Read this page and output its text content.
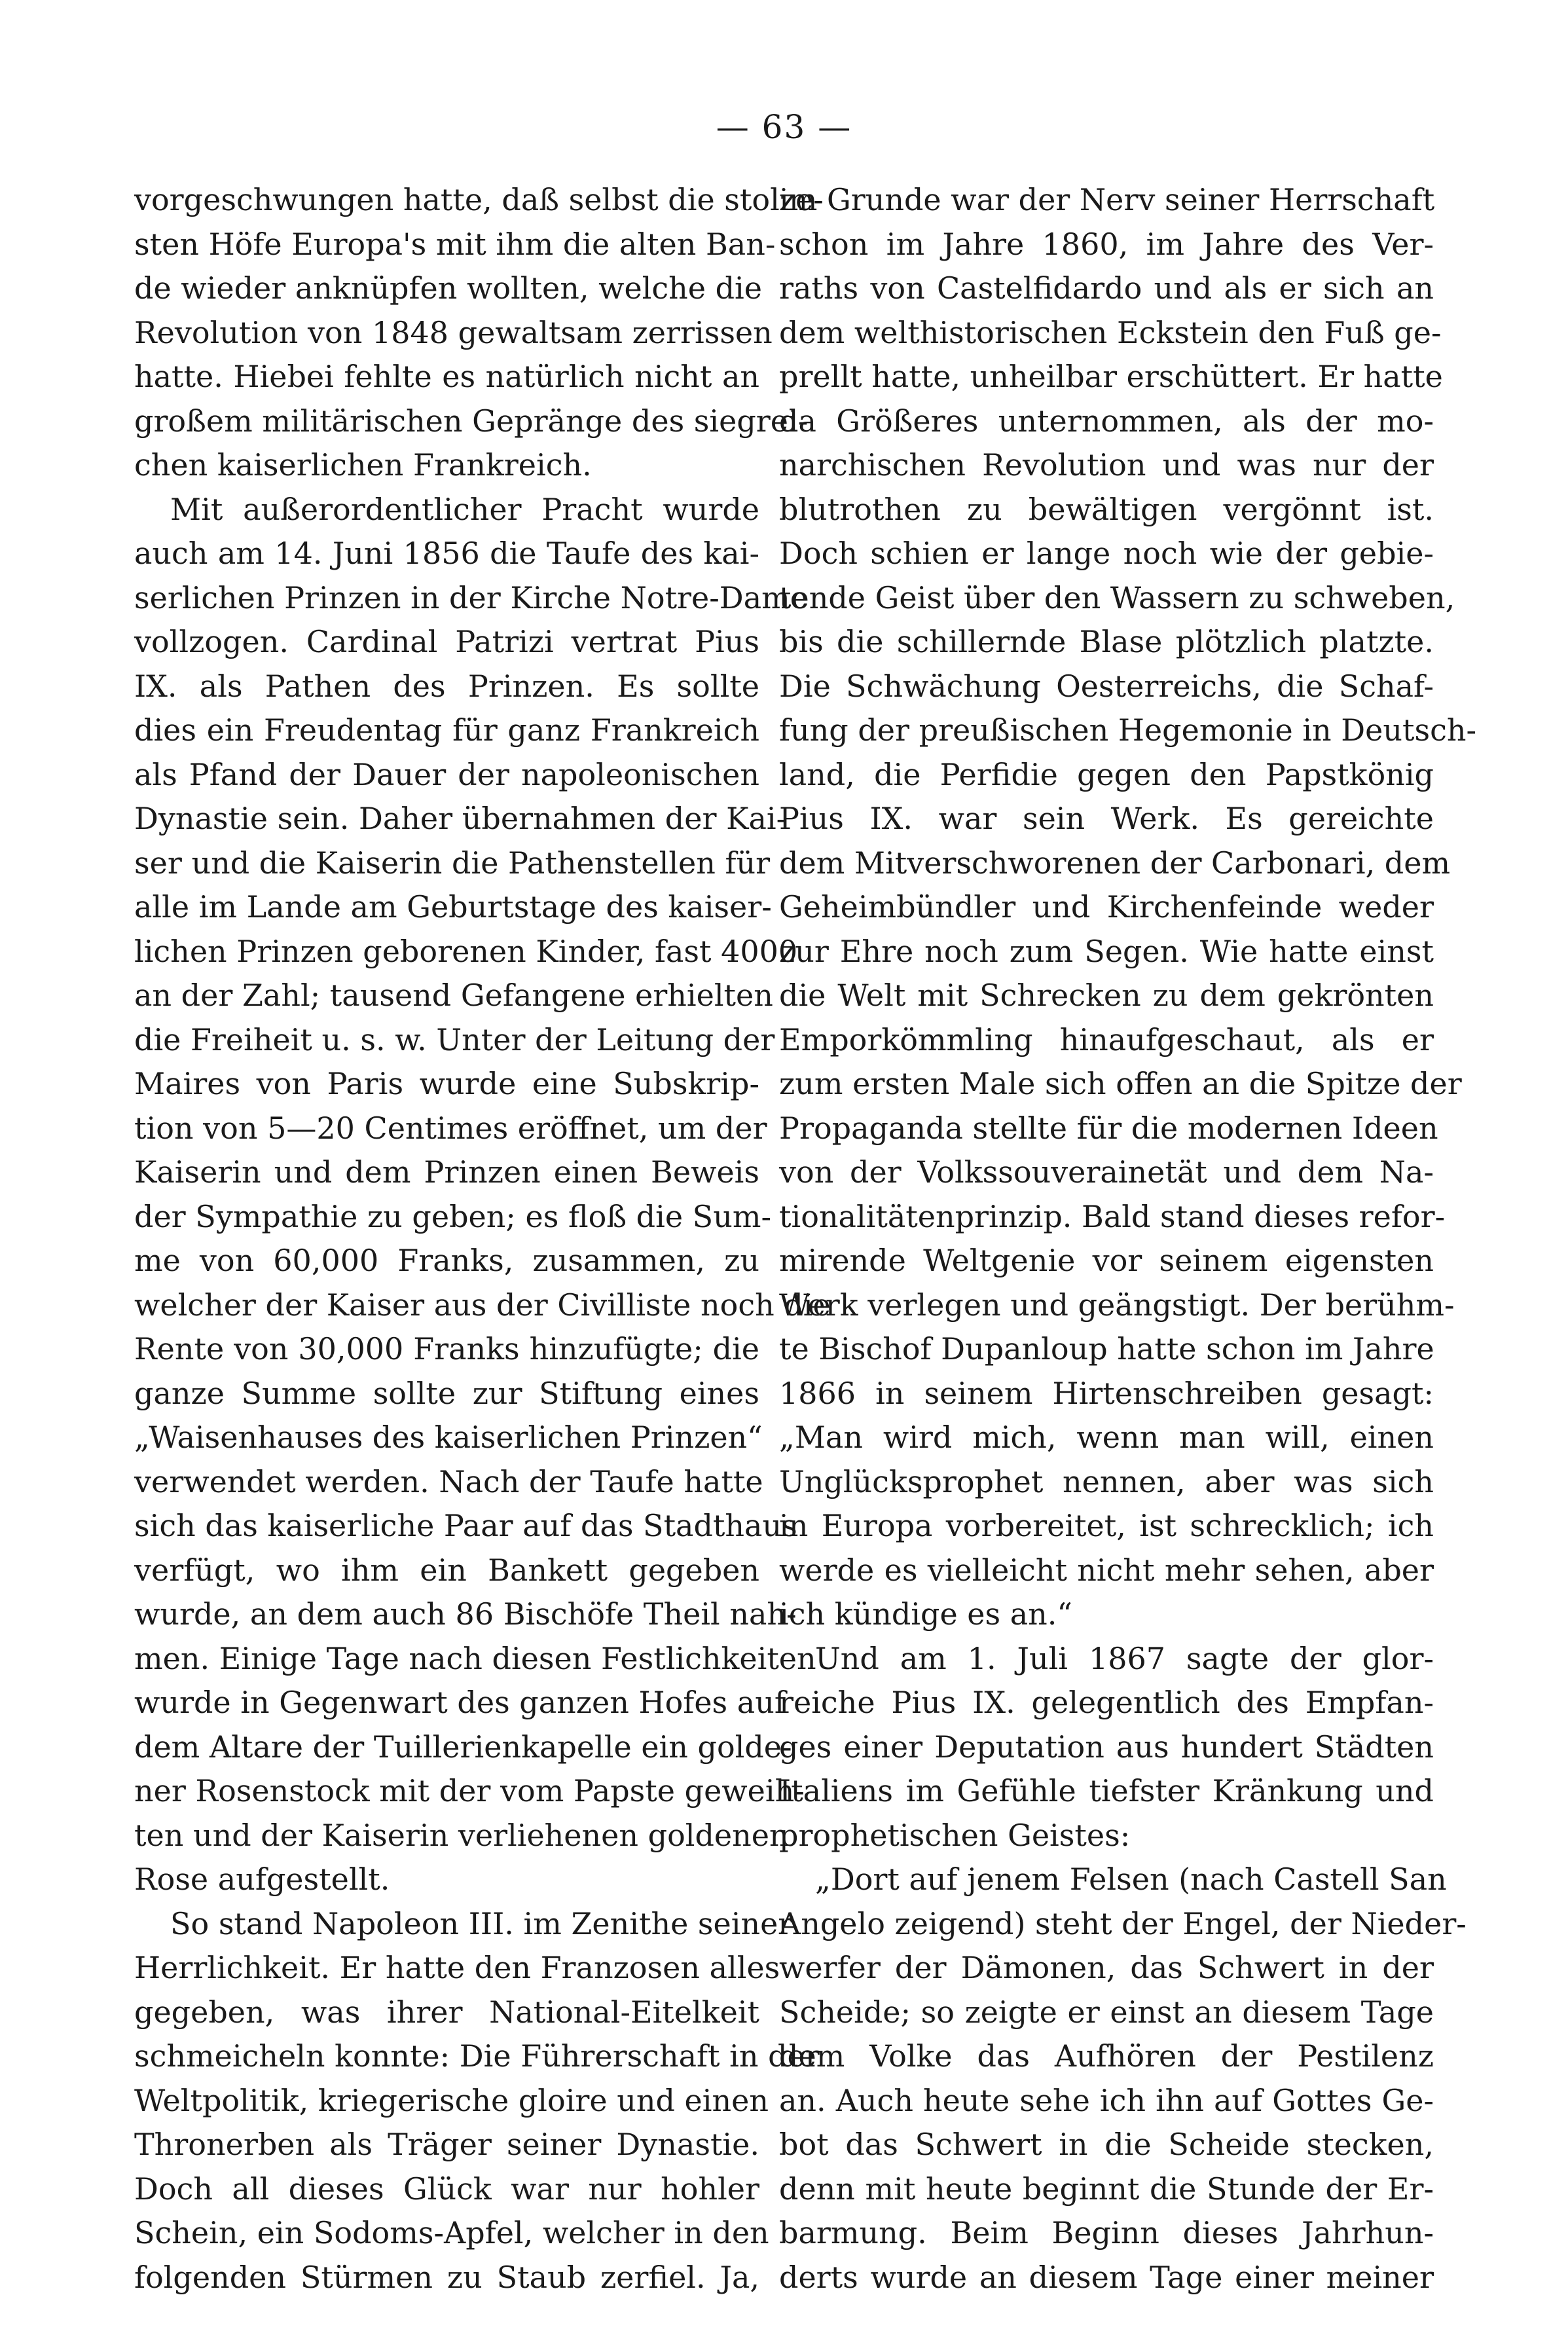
— 63 —

vorgeschwungen hatte, daß selbst die stolze-
sten Höfe Europa's mit ihm die alten Ban-
de wieder anknüpfen wollten, welche die
Revolution von 1848 gewaltsam zerrissen
hatte. Hiebei fehlte es natürlich nicht an
großem militärischen Gepränge des siegrei-
chen kaiserlichen Frankreich.

Mit außerordentlicher Pracht wurde
auch am 14. Juni 1856 die Taufe des kai-
serlichen Prinzen in der Kirche Notre-Dame
vollzogen. Cardinal Patrizi vertrat Pius
IX. als Pathen des Prinzen. Es sollte
dies ein Freudentag für ganz Frankreich
als Pfand der Dauer der napoleonischen
Dynastie sein. Daher übernahmen der Kai-
ser und die Kaiserin die Pathenstellen für
alle im Lande am Geburtstage des kaiser-
lichen Prinzen geborenen Kinder, fast 4000
an der Zahl; tausend Gefangene erhielten
die Freiheit u. s. w. Unter der Leitung der
Maires von Paris wurde eine Subskrip-
tion von 5—20 Centimes eröffnet, um der
Kaiserin und dem Prinzen einen Beweis
der Sympathie zu geben; es floß die Sum-
me von 60,000 Franks, zusammen, zu
welcher der Kaiser aus der Civilliste noch die
Rente von 30,000 Franks hinzufügte; die
ganze Summe sollte zur Stiftung eines
„Waisenhauses des kaiserlichen Prinzen“
verwendet werden. Nach der Taufe hatte
sich das kaiserliche Paar auf das Stadthaus
verfügt, wo ihm ein Bankett gegeben
wurde, an dem auch 86 Bischöfe Theil nah-
men. Einige Tage nach diesen Festlichkeiten
wurde in Gegenwart des ganzen Hofes auf
dem Altare der Tuillerienkapelle ein golde-
ner Rosenstock mit der vom Papste geweih-
ten und der Kaiserin verliehenen goldenen
Rose aufgestellt.

So stand Napoleon III. im Zenithe seiner
Herrlichkeit. Er hatte den Franzosen alles
gegeben, was ihrer National-Eitelkeit
schmeicheln konnte: Die Führerschaft in der
Weltpolitik, kriegerische gloire und einen
Thronerben als Träger seiner Dynastie.
Doch all dieses Glück war nur hohler
Schein, ein Sodoms-Apfel, welcher in den
folgenden Stürmen zu Staub zerfiel. Ja,

im Grunde war der Nerv seiner Herrschaft
schon im Jahre 1860, im Jahre des Ver-
raths von Castelfidardo und als er sich an
dem welthistorischen Eckstein den Fuß ge-
prellt hatte, unheilbar erschüttert. Er hatte
da Größeres unternommen, als der mo-
narchischen Revolution und was nur der
blutrothen zu bewältigen vergönnt ist.
Doch schien er lange noch wie der gebie-
tende Geist über den Wassern zu schweben,
bis die schillernde Blase plötzlich platzte.
Die Schwächung Oesterreichs, die Schaf-
fung der preußischen Hegemonie in Deutsch-
land, die Perfidie gegen den Papstkönig
Pius IX. war sein Werk. Es gereichte
dem Mitverschworenen der Carbonari, dem
Geheimbündler und Kirchenfeinde weder
zur Ehre noch zum Segen. Wie hatte einst
die Welt mit Schrecken zu dem gekrönten
Emporkömmling hinaufgeschaut, als er
zum ersten Male sich offen an die Spitze der
Propaganda stellte für die modernen Ideen
von der Volkssouverainetät und dem Na-
tionalitätenprinzip. Bald stand dieses refor-
mirende Weltgenie vor seinem eigensten
Werk verlegen und geängstigt. Der berühm-
te Bischof Dupanloup hatte schon im Jahre
1866 in seinem Hirtenschreiben gesagt:
„Man wird mich, wenn man will, einen
Unglücksprophet nennen, aber was sich
in Europa vorbereitet, ist schrecklich; ich
werde es vielleicht nicht mehr sehen, aber
ich kündige es an.“

Und am 1. Juli 1867 sagte der glor-
reiche Pius IX. gelegentlich des Empfan-
ges einer Deputation aus hundert Städten
Italiens im Gefühle tiefster Kränkung und
prophetischen Geistes:

„Dort auf jenem Felsen (nach Castell San
Angelo zeigend) steht der Engel, der Nieder-
werfer der Dämonen, das Schwert in der
Scheide; so zeigte er einst an diesem Tage
dem Volke das Aufhören der Pestilenz
an. Auch heute sehe ich ihn auf Gottes Ge-
bot das Schwert in die Scheide stecken,
denn mit heute beginnt die Stunde der Er-
barmung. Beim Beginn dieses Jahrhun-
derts wurde an diesem Tage einer meiner
